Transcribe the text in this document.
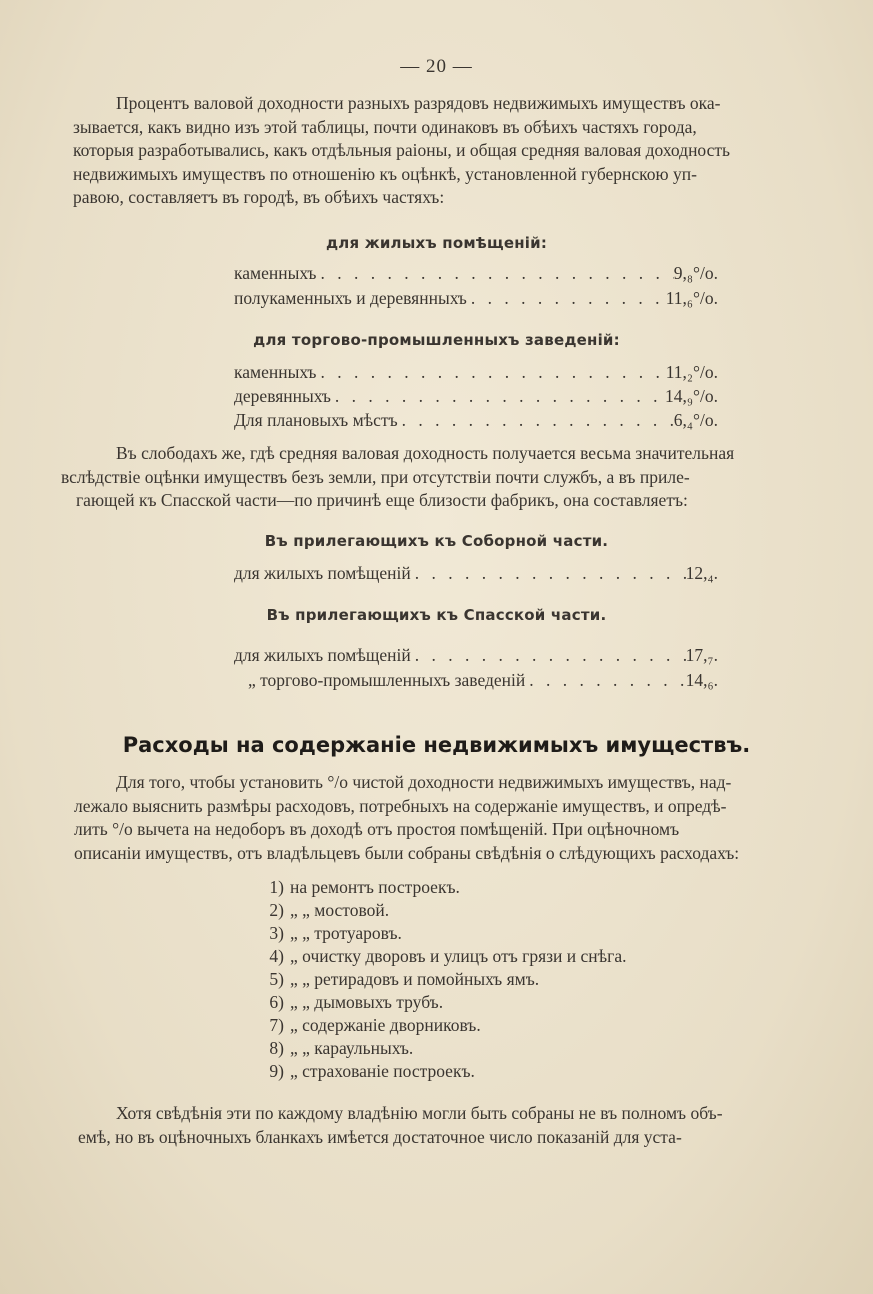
— 20 —
Процентъ валовой доходности разныхъ разрядовъ недвижимыхъ имуществъ ока-
зывается, какъ видно изъ этой таблицы, почти одинаковъ въ обѣихъ частяхъ города,
которыя разработывались, какъ отдѣльныя раіоны, и общая средняя валовая доходность
недвижимыхъ имуществъ по отношенію къ оцѣнкѣ, установленной губернскою уп-
равою, составляетъ въ городѣ, въ обѣихъ частяхъ:
для жилыхъ помѣщеній:
каменныхъ . . .	9,₈°/о.
полукаменныхъ и деревянныхъ . . .	11,₆°/о.
для торгово-промышленныхъ заведеній:
каменныхъ . . .	11,₂°/о.
деревянныхъ . . .	14,₉°/о.
Для плановыхъ мѣстъ . . .	6,₄°/о.
Въ слободахъ же, гдѣ средняя валовая доходность получается весьма значительная
вслѣдствіе оцѣнки имуществъ безъ земли, при отсутствіи почти службъ, а въ приле-
гающей къ Спасской части—по причинѣ еще близости фабрикъ, она составляетъ:
Въ прилегающихъ къ Соборной части.
для жилыхъ помѣщеній . . .	12,₄.
Въ прилегающихъ къ Спасской части.
для жилыхъ помѣщеній . . .	17,₇.
„ торгово-промышленныхъ заведеній . . .	14,₆.
Расходы на содержаніе недвижимыхъ имуществъ.
Для того, чтобы установить °/о чистой доходности недвижимыхъ имуществъ, над-
лежало выяснить размѣры расходовъ, потребныхъ на содержаніе имуществъ, и опредѣ-
лить °/о вычета на недоборъ въ доходѣ отъ простоя помѣщеній. При оцѣночномъ
описаніи имуществъ, отъ владѣльцевъ были собраны свѣдѣнія о слѣдующихъ расходахъ:
1) на ремонтъ построекъ.
2) „ „ мостовой.
3) „ „ тротуаровъ.
4) „ очистку дворовъ и улицъ отъ грязи и снѣга.
5) „ „ ретирадовъ и помойныхъ ямъ.
6) „ „ дымовыхъ трубъ.
7) „ содержаніе дворниковъ.
8) „ „ караульныхъ.
9) „ страхованіе построекъ.
Хотя свѣдѣнія эти по каждому владѣнію могли быть собраны не въ полномъ объ-
емѣ, но въ оцѣночныхъ бланкахъ имѣется достаточное число показаній для уста-
